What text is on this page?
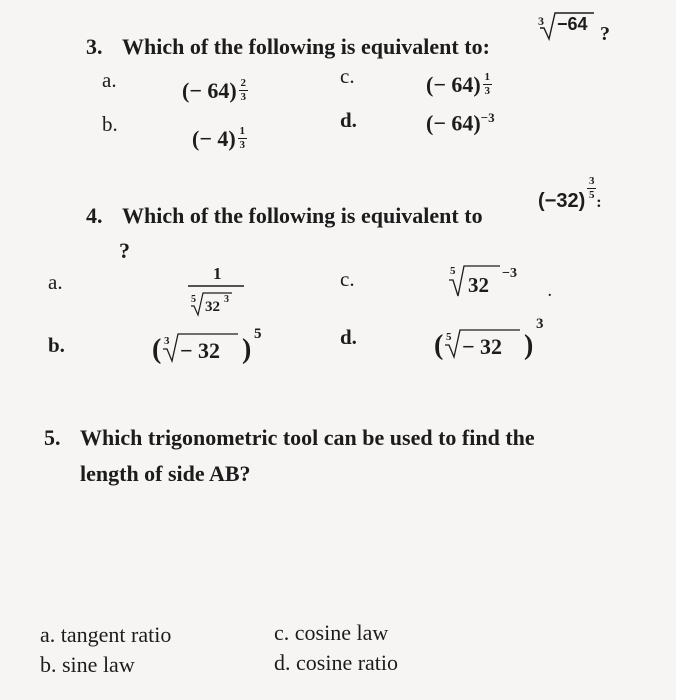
3. Which of the following is equivalent to:
3 −64 ?
a.	(− $64) \frac{2}{3}$
b.
(− $4) \frac{1}{3}$
c.	(− $64) \frac{1}{3}$
d.	(− 64)$^{-3}$
4. Which of the following is equivalent to
$(-32) \frac{3}{5}_:$
?
a.	1
5 32 3
b.	( 3 − 32 ) 5
c.	5
32 −3
.
d.	( 5 − 32 )
3
5. Which trigonometric tool can be used to find the
length of side AB?
a. tangent ratio
b. sine law
c. cosine law
d. cosine ratio
